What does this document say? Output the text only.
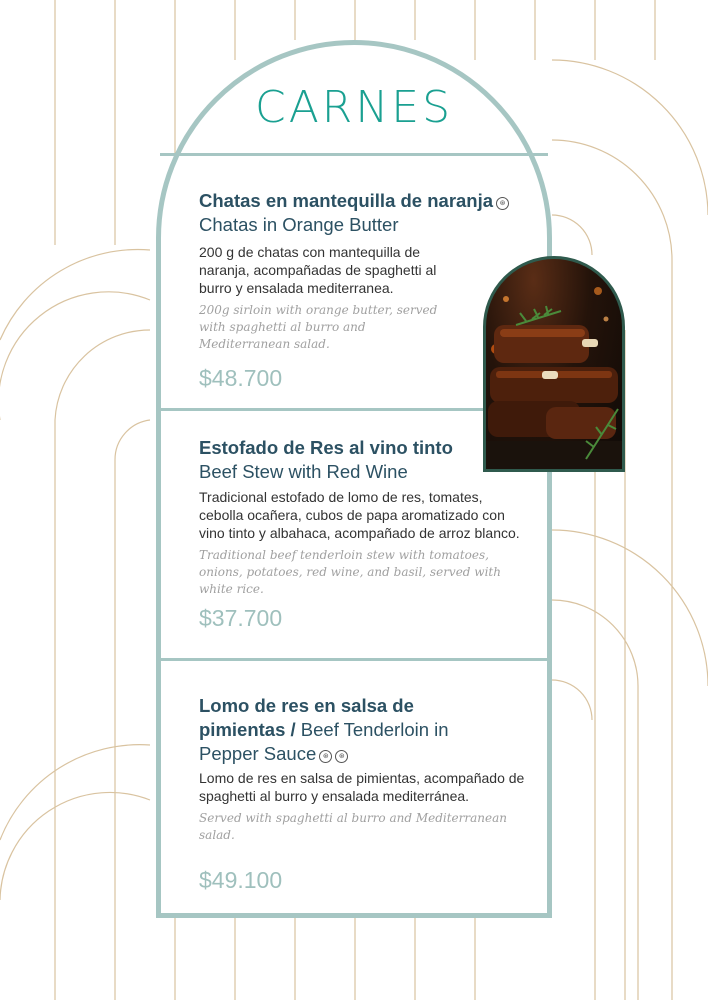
CARNES
Chatas en mantequilla de naranja ⊛
Chatas in Orange Butter
200 g de chatas con mantequilla de naranja, acompañadas de spaghetti al burro y ensalada mediterranea.
200g sirloin with orange butter, served with spaghetti al burro and Mediterranean salad.
$48.700
Estofado de Res al vino tinto
Beef Stew with Red Wine
Tradicional estofado de lomo de res, tomates, cebolla ocañera, cubos de papa aromatizado con vino tinto y albahaca, acompañado de arroz blanco.
Traditional beef tenderloin stew with tomatoes, onions, potatoes, red wine, and basil, served with white rice.
$37.700
Lomo de res en salsa de pimientas / Beef Tenderloin in Pepper Sauce ⊛ ⊛
Lomo de res en salsa de pimientas, acompañado de spaghetti al burro y ensalada mediterránea.
Served with spaghetti al burro and Mediterranean salad.
$49.100
